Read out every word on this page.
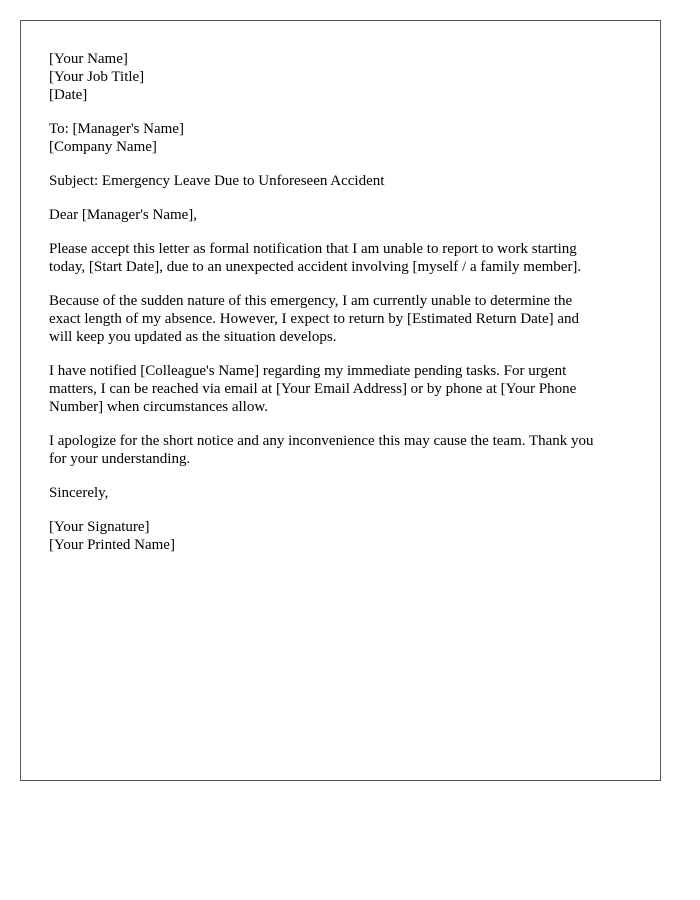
[Your Name]
[Your Job Title]
[Date]
To: [Manager's Name]
[Company Name]
Subject: Emergency Leave Due to Unforeseen Accident
Dear [Manager's Name],
Please accept this letter as formal notification that I am unable to report to work starting
today, [Start Date], due to an unexpected accident involving [myself / a family member].
Because of the sudden nature of this emergency, I am currently unable to determine the
exact length of my absence. However, I expect to return by [Estimated Return Date] and
will keep you updated as the situation develops.
I have notified [Colleague's Name] regarding my immediate pending tasks. For urgent
matters, I can be reached via email at [Your Email Address] or by phone at [Your Phone
Number] when circumstances allow.
I apologize for the short notice and any inconvenience this may cause the team. Thank you
for your understanding.
Sincerely,
[Your Signature]
[Your Printed Name]
